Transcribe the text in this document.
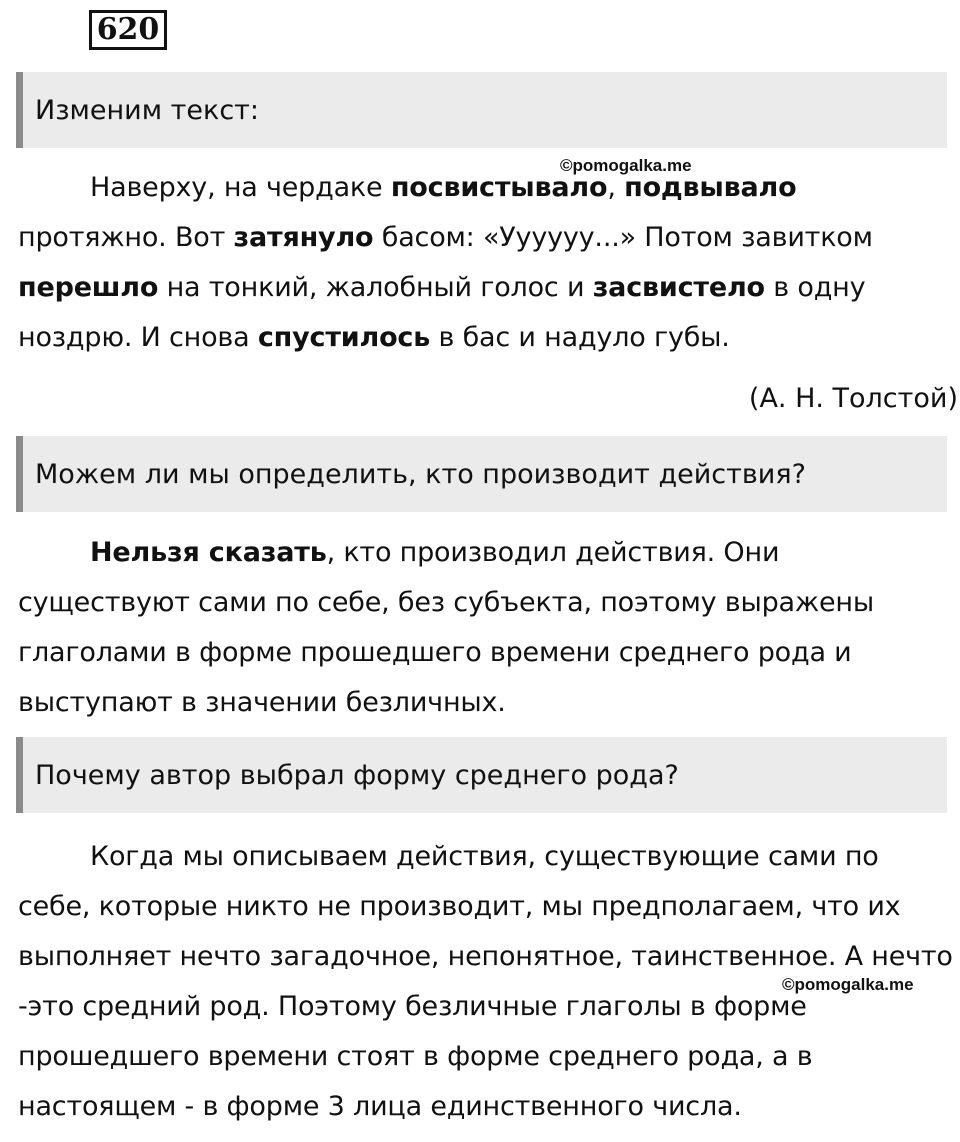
620
Изменим текст:

Наверху, на чердаке посвистывало, подвывало протяжно. Вот затянуло басом: «Уууууу...» Потом завитком перешло на тонкий, жалобный голос и засвистело в одну ноздрю. И снова спустилось в бас и надуло губы.

(А. Н. Толстой)
Можем ли мы определить, кто производит действия?

Нельзя сказать, кто производил действия. Они существуют сами по себе, без субъекта, поэтому выражены глаголами в форме прошедшего времени среднего рода и выступают в значении безличных.

Почему автор выбрал форму среднего рода?

Когда мы описываем действия, существующие сами по себе, которые никто не производит, мы предполагаем, что их выполняет нечто загадочное, непонятное, таинственное. А нечто -это средний род. Поэтому безличные глаголы в форме прошедшего времени стоят в форме среднего рода, а в настоящем - в форме 3 лица единственного числа.

©pomogalka.me
©pomogalka.me
